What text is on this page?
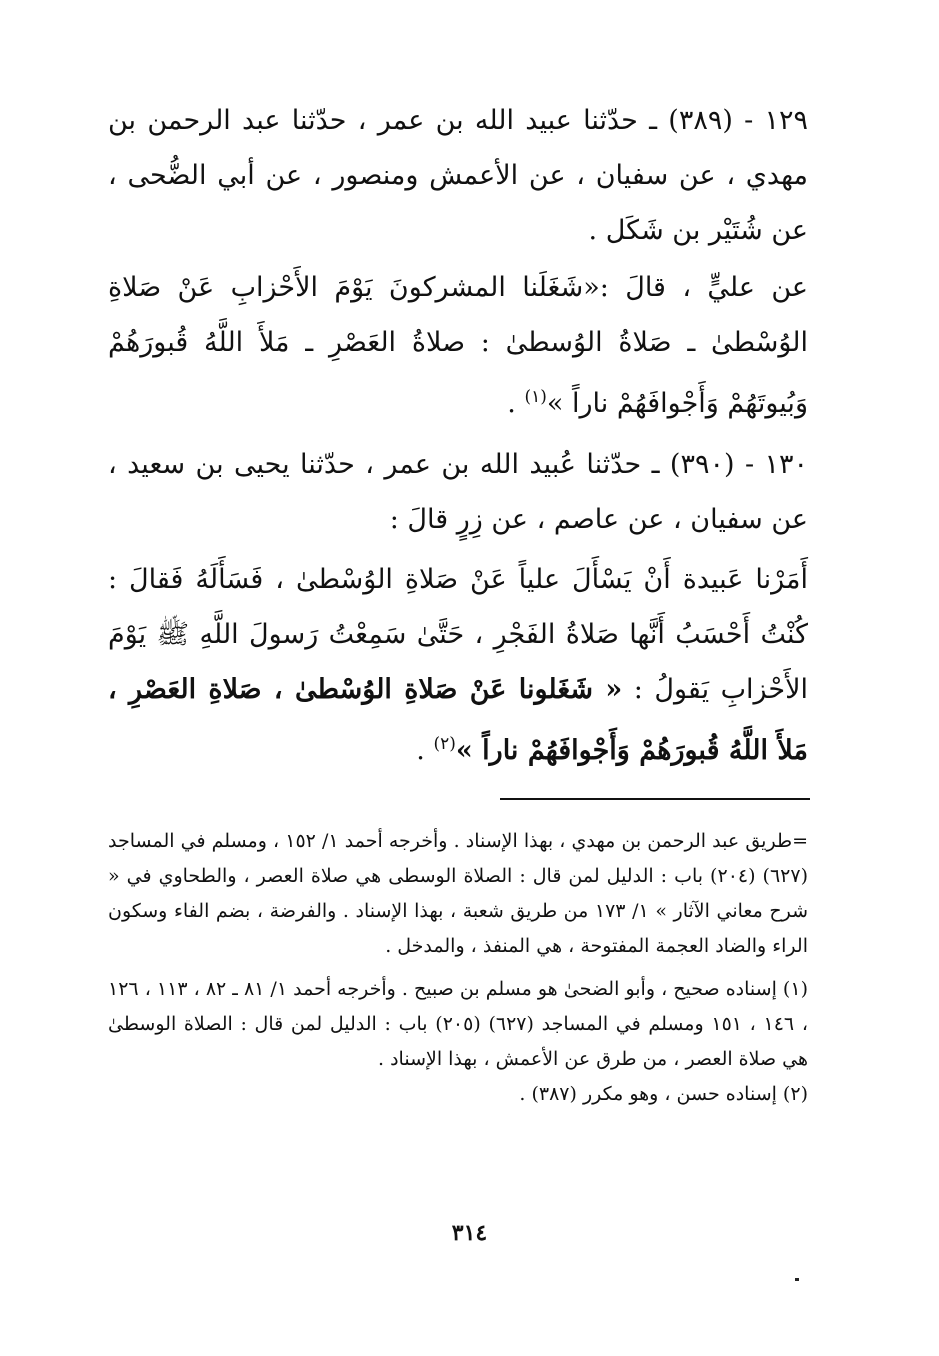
١٢٩ - (٣٨٩) ـ حدّثنا عبيد الله بن عمر ، حدّثنا عبد الرحمن بن مهدي ، عن سفيان ، عن الأعمش ومنصور ، عن أبي الضُّحى ، عن شُتَيْر بن شَكَل .

عن عليٍّ ، قالَ :«شَغَلَنا المشركونَ يَوْمَ الأَحْزابِ عَنْ صَلاةِ الوُسْطىٰ ـ صَلاةُ الوُسطىٰ : صلاةُ العَصْرِ ـ مَلأَ اللَّهُ قُبورَهُمْ وَبُيوتَهُمْ وَأَجْوافَهُمْ ناراً »$^{(١)}$ .

١٣٠ - (٣٩٠) ـ حدّثنا عُبيد الله بن عمر ، حدّثنا يحيى بن سعيد ، عن سفيان ، عن عاصم ، عن زِرٍ قالَ :

أَمَرْنا عَبيدة أَنْ يَسْأَلَ علياً عَنْ صَلاةِ الوُسْطىٰ ، فَسَأَلَهُ فَقالَ : كُنْتُ أَحْسَبُ أَنَّها صَلاةُ الفَجْرِ ، حَتَّىٰ سَمِعْتُ رَسولَ اللَّهِ ﷺ يَوْمَ الأَحْزابِ يَقولُ : « شَغَلونا عَنْ صَلاةِ الوُسْطىٰ ، صَلاةِ العَصْرِ ، مَلأَ اللَّهُ قُبورَهُمْ وَأَجْوافَهُمْ ناراً »$^{(٢)}$ .

=طريق عبد الرحمن بن مهدي ، بهذا الإسناد . وأخرجه أحمد ١/ ١٥٢ ، ومسلم في المساجد (٦٢٧) (٢٠٤) باب : الدليل لمن قال : الصلاة الوسطى هي صلاة العصر ، والطحاوي في « شرح معاني الآثار » ١/ ١٧٣ من طريق شعبة ، بهذا الإسناد . والفرضة ، بضم الفاء وسكون الراء والضاد العجمة المفتوحة ، هي المنفذ ، والمدخل .

(١) إسناده صحيح ، وأبو الضحىٰ هو مسلم بن صبيح . وأخرجه أحمد ١/ ٨١ ـ ٨٢ ، ١١٣ ، ١٢٦ ، ١٤٦ ، ١٥١ ومسلم في المساجد (٦٢٧) (٢٠٥) باب : الدليل لمن قال : الصلاة الوسطىٰ هي صلاة العصر ، من طرق عن الأعمش ، بهذا الإسناد .

(٢) إسناده حسن ، وهو مكرر (٣٨٧) .

٣١٤
